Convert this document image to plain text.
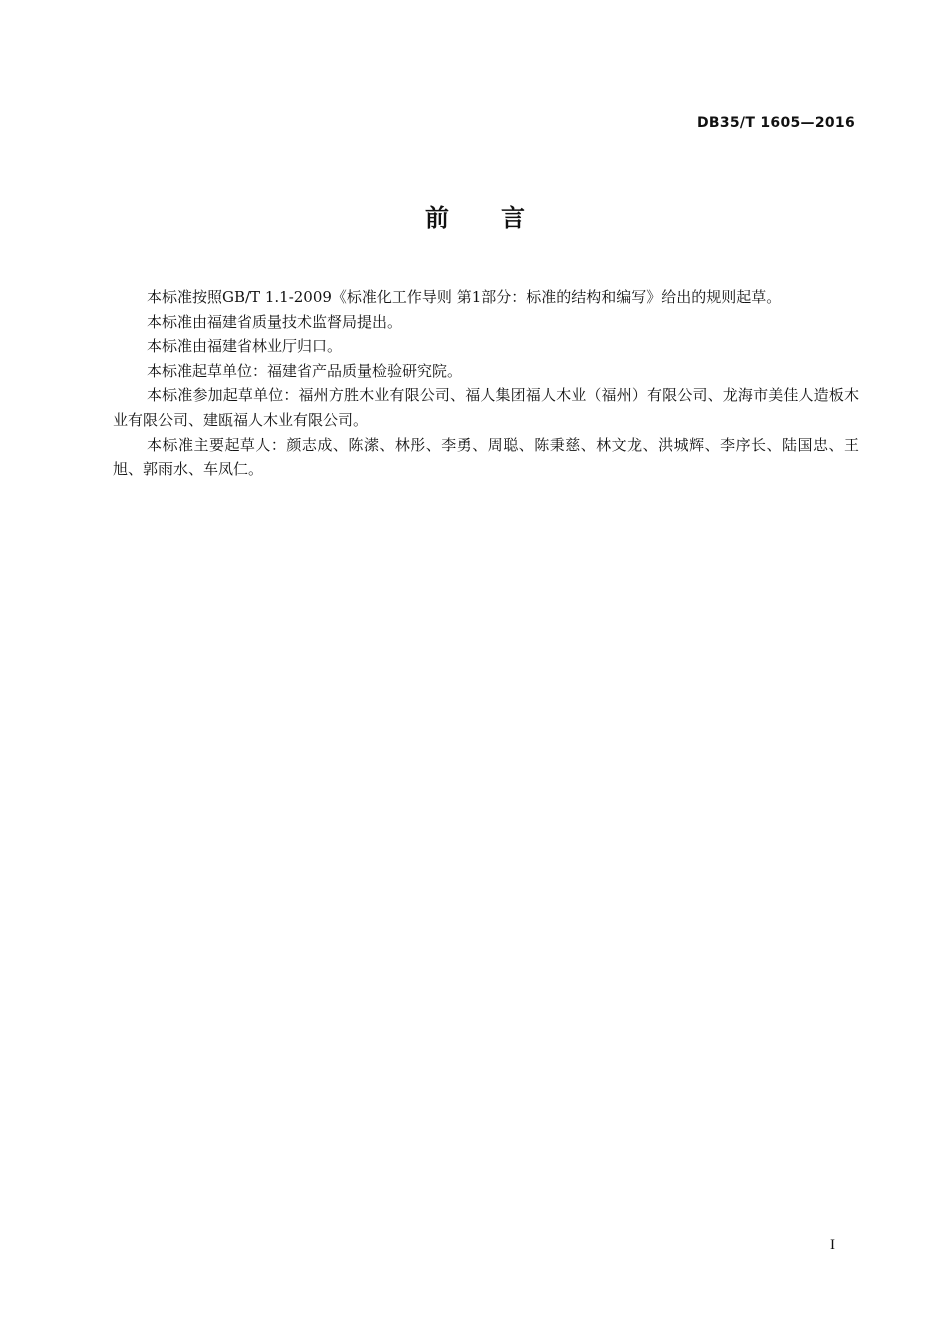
DB35/T 1605—2016
前 言

本标准按照GB/T 1.1-2009《标准化工作导则 第1部分：标准的结构和编写》给出的规则起草。

本标准由福建省质量技术监督局提出。

本标准由福建省林业厅归口。

本标准起草单位：福建省产品质量检验研究院。

本标准参加起草单位：福州方胜木业有限公司、福人集团福人木业（福州）有限公司、龙海市美佳人造板木业有限公司、建瓯福人木业有限公司。

本标准主要起草人：颜志成、陈潆、林彤、李勇、周聪、陈秉慈、林文龙、洪城辉、李序长、陆国忠、王旭、郭雨水、车凤仁。

I
